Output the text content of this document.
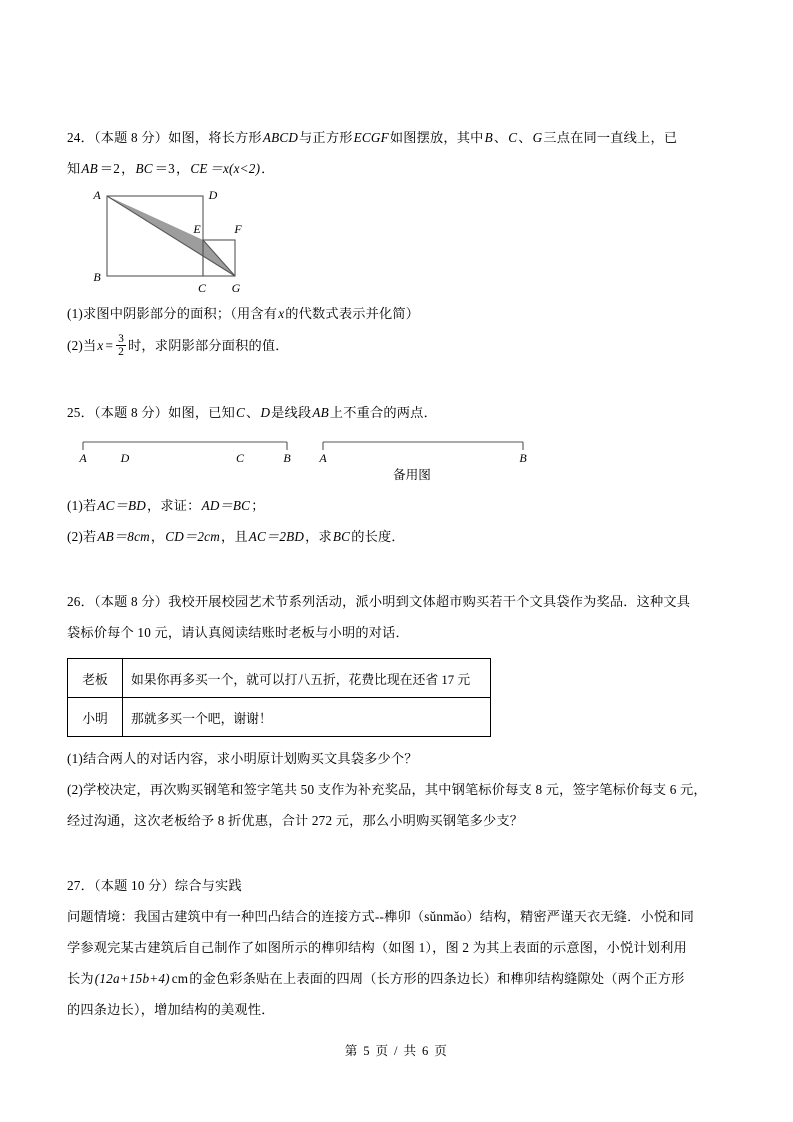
24．（本题 8 分）如图，将长方形ABCD与正方形ECGF如图摆放，其中B、C、G三点在同一直线上，已
知AB ＝2，BC ＝3，CE ＝x(x<2)．
A
B
C
D
E	F
G
(1)求图中阴影部分的面积；（用含有x的代数式表示并化简）
(2)当$x = \frac{3}{2}$ 时，求阴影部分面积的值．
25．（本题 8 分）如图，已知C、D是线段AB上不重合的两点．
A	D	C	B A	B
备用图
(1)若AC＝BD，求证：AD＝BC；
(2)若AB＝8cm，CD＝2cm，且AC＝2BD，求BC的长度．
26．（本题 8 分）我校开展校园艺术节系列活动，派小明到文体超市购买若干个文具袋作为奖品．这种文具
袋标价每个 10 元，请认真阅读结账时老板与小明的对话．
老板	如果你再多买一个，就可以打八五折，花费比现在还省 17 元
小明	那就多买一个吧，谢谢！
(1)结合两人的对话内容，求小明原计划购买文具袋多少个？
(2)学校决定，再次购买钢笔和签字笔共 50 支作为补充奖品，其中钢笔标价每支 8 元，签字笔标价每支 6 元，
经过沟通，这次老板给予 8 折优惠，合计 272 元，那么小明购买钢笔多少支？
27．（本题 10 分）综合与实践
问题情境：我国古建筑中有一种凹凸结合的连接方式--榫卯（sǔnmǎo）结构，精密严谨天衣无缝．小悦和同
学参观完某古建筑后自己制作了如图所示的榫卯结构（如图 1），图 2 为其上表面的示意图，小悦计划利用
长为(12a+15b+4) cm的金色彩条贴在上表面的四周（长方形的四条边长）和榫卯结构缝隙处（两个正方形
的四条边长），增加结构的美观性．
第 5 页 / 共 6 页
